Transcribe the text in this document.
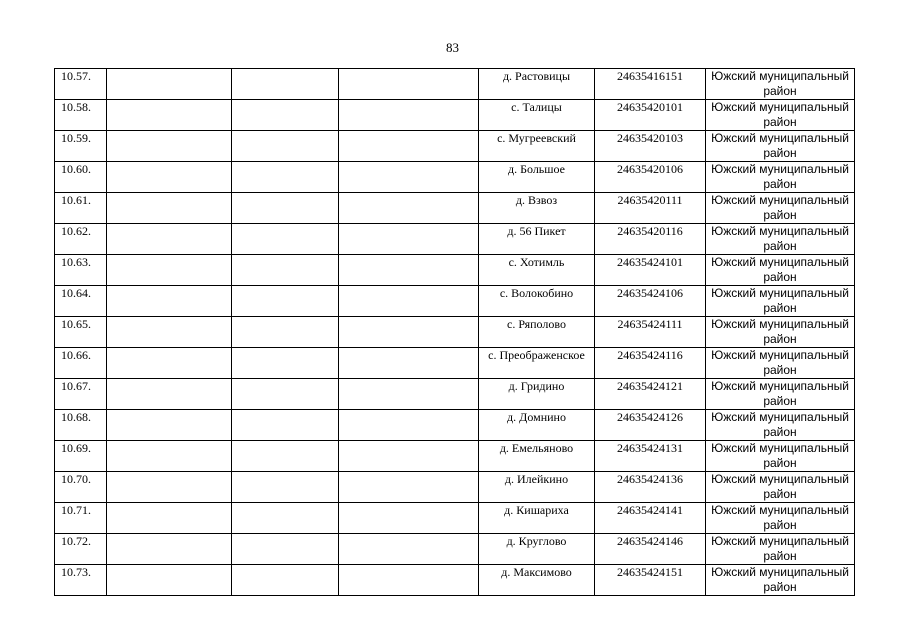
83
10.57.				д. Растовицы	24635416151	Южский муниципальный район
10.58.				с. Талицы	24635420101	Южский муниципальный район
10.59.				с. Мугреевский	24635420103	Южский муниципальный район
10.60.				д. Большое	24635420106	Южский муниципальный район
10.61.				д. Взвоз	24635420111	Южский муниципальный район
10.62.				д. 56 Пикет	24635420116	Южский муниципальный район
10.63.				с. Хотимль	24635424101	Южский муниципальный район
10.64.				с. Волокобино	24635424106	Южский муниципальный район
10.65.				с. Ряполово	24635424111	Южский муниципальный район
10.66.				с. Преображенское	24635424116	Южский муниципальный район
10.67.				д. Гридино	24635424121	Южский муниципальный район
10.68.				д. Домнино	24635424126	Южский муниципальный район
10.69.				д. Емельяново	24635424131	Южский муниципальный район
10.70.				д. Илейкино	24635424136	Южский муниципальный район
10.71.				д. Кишариха	24635424141	Южский муниципальный район
10.72.				д. Круглово	24635424146	Южский муниципальный район
10.73.				д. Максимово	24635424151	Южский муниципальный район
